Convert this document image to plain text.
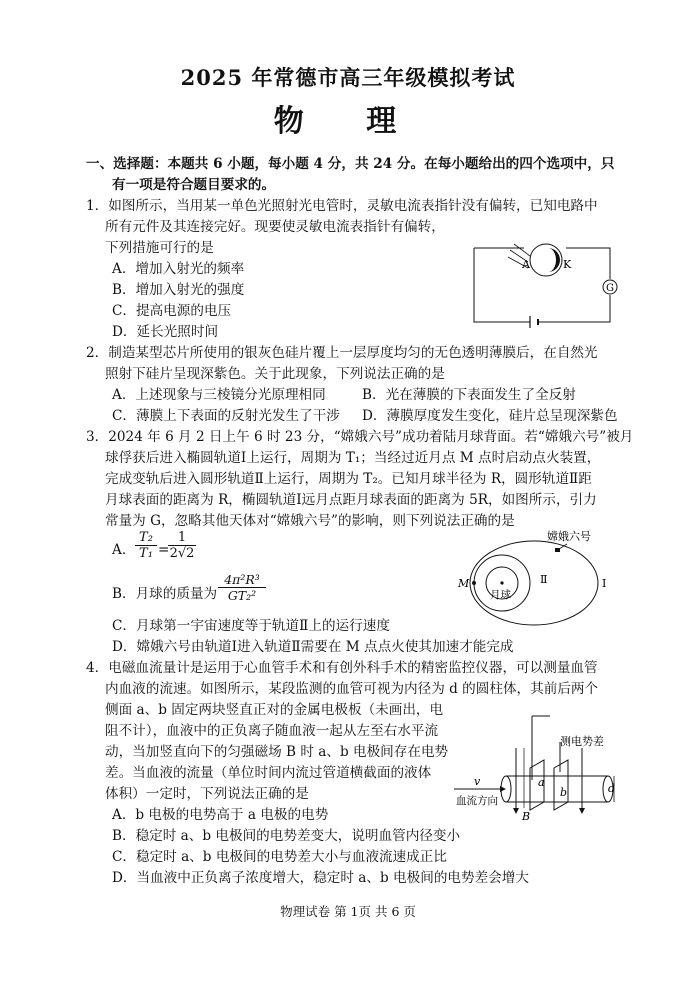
2025 年常德市高三年级模拟考试
物 理
一、选择题：本题共 6 小题，每小题 4 分，共 24 分。在每小题给出的四个选项中，只
有一项是符合题目要求的。
1．如图所示，当用某一单色光照射光电管时，灵敏电流表指针没有偏转，已知电路中
所有元件及其连接完好。现要使灵敏电流表指针有偏转，
下列措施可行的是
A．增加入射光的频率
B．增加入射光的强度
C．提高电源的电压
D．延长光照时间
A	K
G
2．制造某型芯片所使用的银灰色硅片覆上一层厚度均匀的无色透明薄膜后，在自然光
照射下硅片呈现深紫色。关于此现象，下列说法正确的是
A．上述现象与三棱镜分光原理相同	B．光在薄膜的下表面发生了全反射
C．薄膜上下表面的反射光发生了干涉 D．薄膜厚度发生变化，硅片总呈现深紫色
3．2024 年 6 月 2 日上午 6 时 23 分，“嫦娥六号”成功着陆月球背面。若“嫦娥六号”被月
球俘获后进入椭圆轨道Ⅰ上运行，周期为 T₁；当经过近月点 M 点时启动点火装置，
完成变轨后进入圆形轨道Ⅱ上运行，周期为 T₂。已知月球半径为 R，圆形轨道Ⅱ距
月球表面的距离为 R，椭圆轨道Ⅰ远月点距月球表面的距离为 5R，如图所示，引力
常量为 G，忽略其他天体对“嫦娥六号”的影响，则下列说法正确的是
A． $\frac{\text{T₂}}{\text{T₁}}$ =
$\frac{1}{2√2}$
B．月球的质量为 $\frac{\text{4π²R³}}{\text{GT₂²}}$
C．月球第一宇宙速度等于轨道Ⅱ上的运行速度
D．嫦娥六号由轨道Ⅰ进入轨道Ⅱ需要在 M 点点火使其加速才能完成
嫦娥六号
月球
M	Ⅱ	Ⅰ
4．电磁血流量计是运用于心血管手术和有创外科手术的精密监控仪器，可以测量血管
内血液的流速。如图所示，某段监测的血管可视为内径为 d 的圆柱体，其前后两个
侧面 a、b 固定两块竖直正对的金属电极板（未画出，电
阻不计），血液中的正负离子随血液一起从左至右水平流
动，当加竖直向下的匀强磁场 B 时 a、b 电极间存在电势
差。当血液的流量（单位时间内流过管道横截面的液体
体积）一定时，下列说法正确的是
A．b 电极的电势高于 a 电极的电势
B．稳定时 a、b 电极间的电势差变大，说明血管内径变小
C．稳定时 a、b 电极间的电势差大小与血液流速成正比
D．当血液中正负离子浓度增大，稳定时 a、b 电极间的电势差会增大
测电势差
v
血流方向
a
b	d
B
物理试卷 第 1页 共 6 页
